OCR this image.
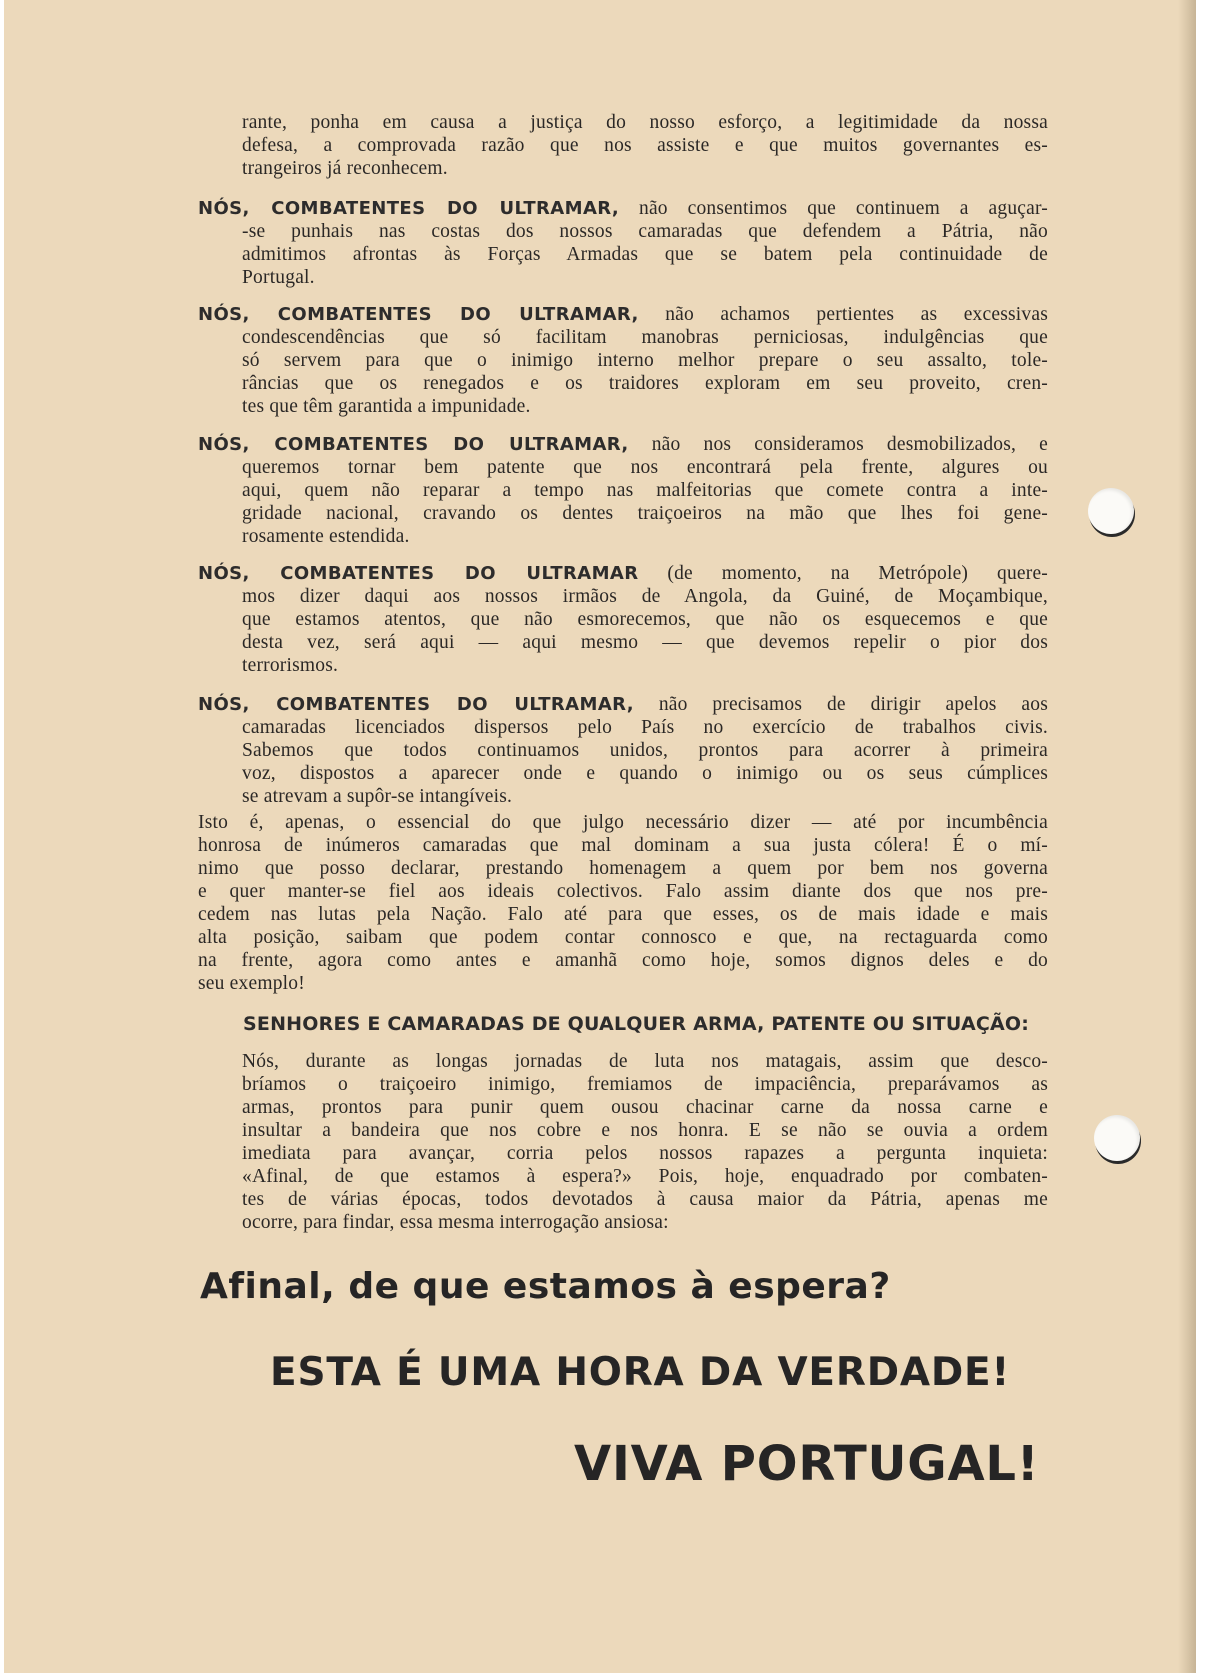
rante, ponha em causa a justiça do nosso esforço, a legitimidade da nossa
defesa, a comprovada razão que nos assiste e que muitos governantes es-
trangeiros já reconhecem.
NÓS, COMBATENTES DO ULTRAMAR, não consentimos que continuem a aguçar-
-se punhais nas costas dos nossos camaradas que defendem a Pátria, não
admitimos afrontas às Forças Armadas que se batem pela continuidade de
Portugal.
NÓS, COMBATENTES DO ULTRAMAR, não achamos pertientes as excessivas
condescendências que só facilitam manobras perniciosas, indulgências que
só servem para que o inimigo interno melhor prepare o seu assalto, tole-
râncias que os renegados e os traidores exploram em seu proveito, cren-
tes que têm garantida a impunidade.
NÓS, COMBATENTES DO ULTRAMAR, não nos consideramos desmobilizados, e
queremos tornar bem patente que nos encontrará pela frente, algures ou
aqui, quem não reparar a tempo nas malfeitorias que comete contra a inte-
gridade nacional, cravando os dentes traiçoeiros na mão que lhes foi gene-
rosamente estendida.
NÓS, COMBATENTES DO ULTRAMAR (de momento, na Metrópole) quere-
mos dizer daqui aos nossos irmãos de Angola, da Guiné, de Moçambique,
que estamos atentos, que não esmorecemos, que não os esquecemos e que
desta vez, será aqui — aqui mesmo — que devemos repelir o pior dos
terrorismos.
NÓS, COMBATENTES DO ULTRAMAR, não precisamos de dirigir apelos aos
camaradas licenciados dispersos pelo País no exercício de trabalhos civis.
Sabemos que todos continuamos unidos, prontos para acorrer à primeira
voz, dispostos a aparecer onde e quando o inimigo ou os seus cúmplices
se atrevam a supôr-se intangíveis.
Isto é, apenas, o essencial do que julgo necessário dizer — até por incumbência
honrosa de inúmeros camaradas que mal dominam a sua justa cólera! É o mí-
nimo que posso declarar, prestando homenagem a quem por bem nos governa
e quer manter-se fiel aos ideais colectivos. Falo assim diante dos que nos pre-
cedem nas lutas pela Nação. Falo até para que esses, os de mais idade e mais
alta posição, saibam que podem contar connosco e que, na rectaguarda como
na frente, agora como antes e amanhã como hoje, somos dignos deles e do
seu exemplo!
SENHORES E CAMARADAS DE QUALQUER ARMA, PATENTE OU SITUAÇÃO:
Nós, durante as longas jornadas de luta nos matagais, assim que desco-
bríamos o traiçoeiro inimigo, fremiamos de impaciência, preparávamos as
armas, prontos para punir quem ousou chacinar carne da nossa carne e
insultar a bandeira que nos cobre e nos honra. E se não se ouvia a ordem
imediata para avançar, corria pelos nossos rapazes a pergunta inquieta:
«Afinal, de que estamos à espera?» Pois, hoje, enquadrado por combaten-
tes de várias épocas, todos devotados à causa maior da Pátria, apenas me
ocorre, para findar, essa mesma interrogação ansiosa:
Afinal, de que estamos à espera?
ESTA É UMA HORA DA VERDADE!
VIVA PORTUGAL!
